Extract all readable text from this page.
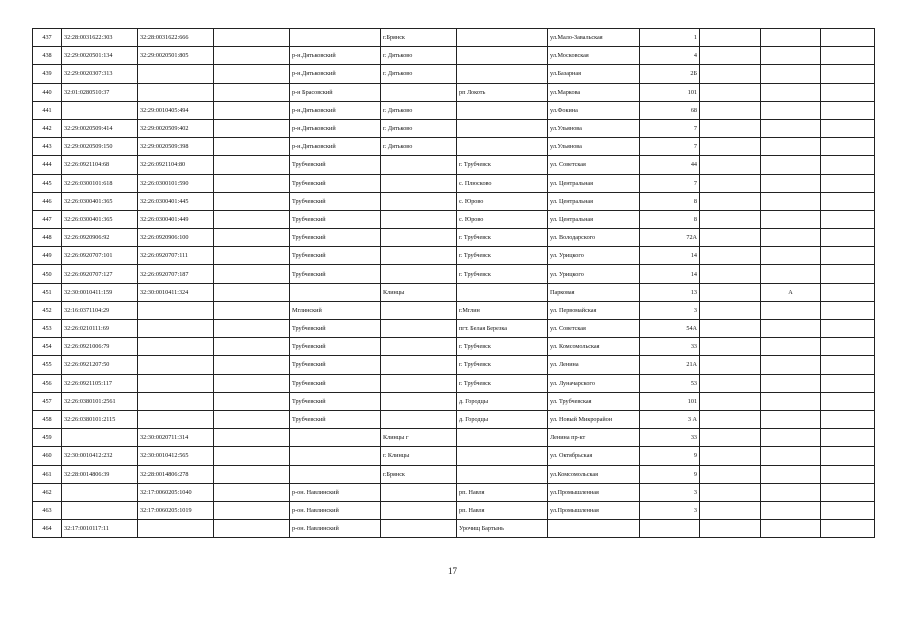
437	32:28:0031622:303	32:28:0031622:666			г.Брянск		ул.Мало-Завальская	1			
438	32:29:0020501:134	32:29:0020501:805		р-н.Дятьковский	г. Дятьково		ул.Московская	4			
439	32:29:0020307:313			р-н.Дятьковский	г. Дятьково		ул.Базарная	2Б			
440	32:01:0280510:37			р-н Брасовский		рп Локоть	ул.Маркова	101			
441		32:29:0010405:494		р-н.Дятьковский	г. Дятьково		ул.Фокина	68			
442	32:29:0020509:414	32:29:0020509:402		р-н.Дятьковский	г. Дятьково		ул.Ульянова	7			
443	32:29:0020509:150	32:29:0020509:398		р-н.Дятьковский	г. Дятьково		ул.Ульянова	7			
444	32:26:0921104:68	32:26:0921104:80		Трубчевский		г. Трубчевск	ул. Советская	44			
445	32:26:0300101:618	32:26:0300101:590		Трубчевский		с. Плюсково	ул. Центральная	7			
446	32:26:0300401:365	32:26:0300401:445		Трубчевский		с. Юрово	ул. Центральная	8			
447	32:26:0300401:365	32:26:0300401:449		Трубчевский		с. Юрово	ул. Центральная	8			
448	32:26:0920906:92	32:26:0920906:100		Трубчевский		г. Трубчевск	ул. Володарского	72А			
449	32:26:0920707:101	32:26:0920707:111		Трубчевский		г. Трубчевск	ул. Урицкого	14			
450	32:26:0920707:127	32:26:0920707:187		Трубчевский		г. Трубчевск	ул. Урицкого	14			
451	32:30:0010411:159	32:30:0010411:324			Клинцы		Парковая	13		А	
452	32:16:0371104:29			Мглинский		г.Мглин	ул. Первомайская	3			
453	32:26:0210111:69			Трубчевский		пгт. Белая Березка	ул. Советская	54А			
454	32:26:0921006:79			Трубчевский		г. Трубчевск	ул. Комсомольская	33			
455	32:26:0921207:50			Трубчевский		г. Трубчевск	ул. Ленина	21А			
456	32:26:0921105:117			Трубчевский		г. Трубчевск	ул. Луначарского	53			
457	32:26:0380101:2561			Трубчевский		д. Городцы	ул. Трубчевская	101			
458	32:26:0380101:2115			Трубчевский		д. Городцы	ул. Новый Микрорайон	3 А			
459		32:30:0020711:314			Клинцы г		Ленина пр-кт	33			
460	32:30:0010412:232	32:30:0010412:565			г. Клинцы		ул. Октябрьская	9			
461	32:28:0014806:39	32:28:0014806:278			г.Брянск		ул.Комсомольская	9			
462		32:17:0060205:1040		р-он. Навлинский		рп. Навля	ул.Промышленная	3			
463		32:17:0060205:1019		р-он. Навлинский		рп. Навля	ул.Промышленная	3			
464	32:17:0010117:11			р-он. Навлинский		Урочищ Бартынь					
17
